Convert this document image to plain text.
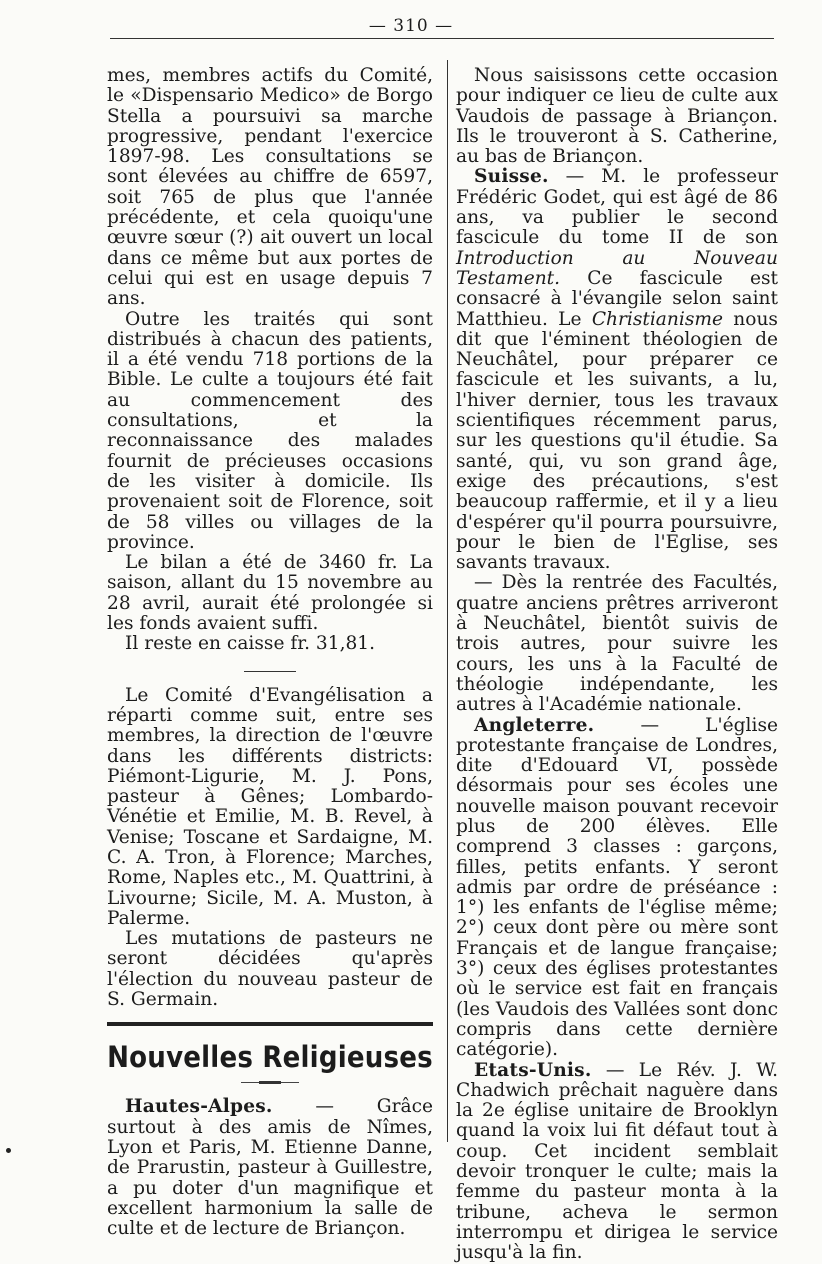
— 310 —

mes, membres actifs du Comité, le «Dispensario Medico» de Borgo Stella a poursuivi sa marche progressive, pendant l'exercice 1897-98. Les consultations se sont élevées au chiffre de 6597, soit 765 de plus que l'année précédente, et cela quoiqu'une œuvre sœur (?) ait ouvert un local dans ce même but aux portes de celui qui est en usage depuis 7 ans.

Outre les traités qui sont distribués à chacun des patients, il a été vendu 718 portions de la Bible. Le culte a toujours été fait au commencement des consultations, et la reconnaissance des malades fournit de précieuses occasions de les visiter à domicile. Ils provenaient soit de Florence, soit de 58 villes ou villages de la province.

Le bilan a été de 3460 fr. La saison, allant du 15 novembre au 28 avril, aurait été prolongée si les fonds avaient suffi.

Il reste en caisse fr. 31,81.

Le Comité d'Evangélisation a réparti comme suit, entre ses membres, la direction de l'œuvre dans les différents districts: Piémont-Ligurie, M. J. Pons, pasteur à Gênes; Lombardo-Vénétie et Emilie, M. B. Revel, à Venise; Toscane et Sardaigne, M. C. A. Tron, à Florence; Marches, Rome, Naples etc., M. Quattrini, à Livourne; Sicile, M. A. Muston, à Palerme.

Les mutations de pasteurs ne seront décidées qu'après l'élection du nouveau pasteur de S. Germain.

Nouvelles Religieuses

Hautes-Alpes. — Grâce surtout à des amis de Nîmes, Lyon et Paris, M. Etienne Danne, de Prarustin, pasteur à Guillestre, a pu doter d'un magnifique et excellent harmonium la salle de culte et de lecture de Briançon.

Nous saisissons cette occasion pour indiquer ce lieu de culte aux Vaudois de passage à Briançon. Ils le trouveront à S. Catherine, au bas de Briançon.

Suisse. — M. le professeur Frédéric Godet, qui est âgé de 86 ans, va publier le second fascicule du tome II de son Introduction au Nouveau Testament. Ce fascicule est consacré à l'évangile selon saint Matthieu. Le Christianisme nous dit que l'éminent théologien de Neuchâtel, pour préparer ce fascicule et les suivants, a lu, l'hiver dernier, tous les travaux scientifiques récemment parus, sur les questions qu'il étudie. Sa santé, qui, vu son grand âge, exige des précautions, s'est beaucoup raffermie, et il y a lieu d'espérer qu'il pourra poursuivre, pour le bien de l'Eglise, ses savants travaux.

— Dès la rentrée des Facultés, quatre anciens prêtres arriveront à Neuchâtel, bientôt suivis de trois autres, pour suivre les cours, les uns à la Faculté de théologie indépendante, les autres à l'Académie nationale.

Angleterre. — L'église protestante française de Londres, dite d'Edouard VI, possède désormais pour ses écoles une nouvelle maison pouvant recevoir plus de 200 élèves. Elle comprend 3 classes : garçons, filles, petits enfants. Y seront admis par ordre de préséance : 1°) les enfants de l'église même; 2°) ceux dont père ou mère sont Français et de langue française; 3°) ceux des églises protestantes où le service est fait en français (les Vaudois des Vallées sont donc compris dans cette dernière catégorie).

Etats-Unis. — Le Rév. J. W. Chadwich prêchait naguère dans la 2e église unitaire de Brooklyn quand la voix lui fit défaut tout à coup. Cet incident semblait devoir tronquer le culte; mais la femme du pasteur monta à la tribune, acheva le sermon interrompu et dirigea le service jusqu'à la fin.
